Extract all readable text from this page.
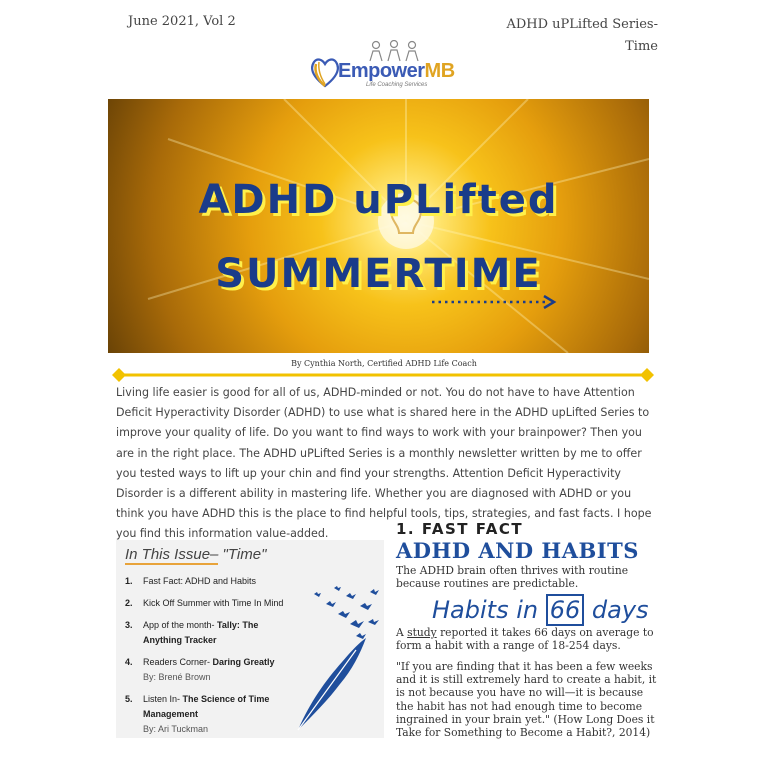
June 2021, Vol 2	ADHD uPLifted Series-
Time
EmpowerMB
Life Coaching Services
ADHD uPLifted
SUMMERTIME
By Cynthia North, Certified ADHD Life Coach

Living life easier is good for all of us, ADHD-minded or not. You do not have to have Attention Deficit Hyperactivity Disorder (ADHD) to use what is shared here in the ADHD upLifted Series to improve your quality of life. Do you want to find ways to work with your brainpower? Then you are in the right place. The ADHD uPLifted Series is a monthly newsletter written by me to offer you tested ways to lift up your chin and find your strengths. Attention Deficit Hyperactivity Disorder is a different ability in mastering life. Whether you are diagnosed with ADHD or you think you have ADHD this is the place to find helpful tools, tips, strategies, and fast facts. I hope you find this information value-added.

In This Issue– "Time"
1. Fast Fact: ADHD and Habits
2. Kick Off Summer with Time In Mind
3. App of the month- Tally: The Anything Tracker
4. Readers Corner- Daring Greatly
By: Brené Brown
5. Listen In- The Science of Time Management
By: Ari Tuckman
1. FAST FACT
ADHD AND HABITS

The ADHD brain often thrives with routine because routines are predictable.

Habits in 66 days

A study reported it takes 66 days on average to form a habit with a range of 18-254 days.

"If you are finding that it has been a few weeks and it is still extremely hard to create a habit, it is not because you have no will—it is because the habit has not had enough time to become ingrained in your brain yet." (How Long Does it Take for Something to Become a Habit?, 2014)
